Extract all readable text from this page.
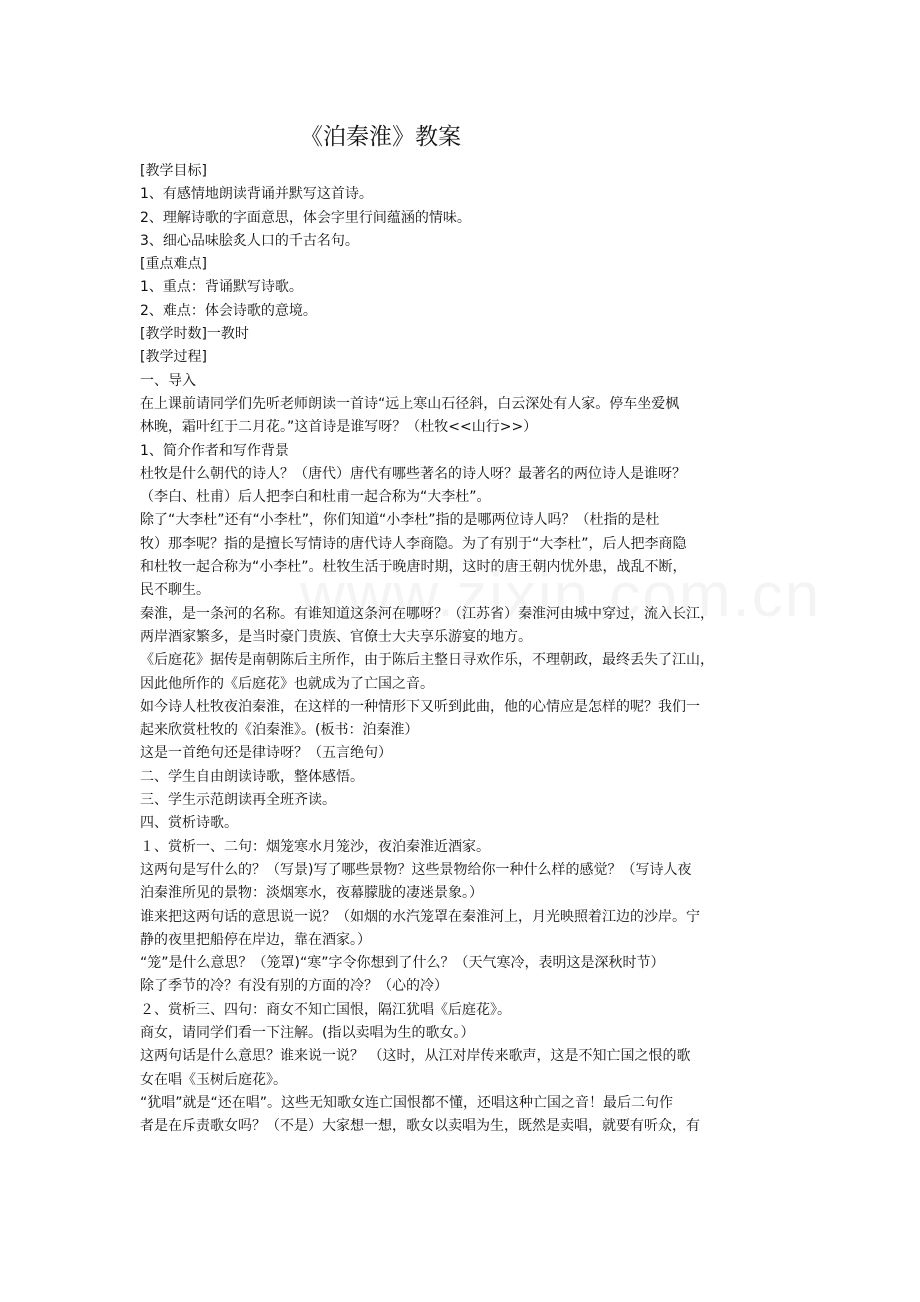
《泊秦淮》教案
[教学目标]
1、有感情地朗读背诵并默写这首诗。
2、理解诗歌的字面意思，体会字里行间蕴涵的情味。
3、细心品味脍炙人口的千古名句。
[重点难点]
1、重点：背诵默写诗歌。
2、难点：体会诗歌的意境。
[教学时数]一教时
[教学过程]
一、导入
在上课前请同学们先听老师朗读一首诗“远上寒山石径斜，白云深处有人家。停车坐爱枫
林晚，霜叶红于二月花。”这首诗是谁写呀？（杜牧<<山行>>）
1、简介作者和写作背景
杜牧是什么朝代的诗人？（唐代）唐代有哪些著名的诗人呀？最著名的两位诗人是谁呀？
（李白、杜甫）后人把李白和杜甫一起合称为“大李杜”。
除了“大李杜”还有“小李杜”，你们知道“小李杜”指的是哪两位诗人吗？（杜指的是杜
牧）那李呢？指的是擅长写情诗的唐代诗人李商隐。为了有别于“大李杜”，后人把李商隐
和杜牧一起合称为“小李杜”。杜牧生活于晚唐时期，这时的唐王朝内忧外患，战乱不断，
民不聊生。
秦淮，是一条河的名称。有谁知道这条河在哪呀？（江苏省）秦淮河由城中穿过，流入长江，
两岸酒家繁多，是当时豪门贵族、官僚士大夫享乐游宴的地方。
《后庭花》据传是南朝陈后主所作，由于陈后主整日寻欢作乐，不理朝政，最终丢失了江山，
因此他所作的《后庭花》也就成为了亡国之音。
如今诗人杜牧夜泊秦淮，在这样的一种情形下又听到此曲，他的心情应是怎样的呢？我们一
起来欣赏杜牧的《泊秦淮》。(板书：泊秦淮）
这是一首绝句还是律诗呀？（五言绝句）
二、学生自由朗读诗歌，整体感悟。
三、学生示范朗读再全班齐读。
四、赏析诗歌。
１、赏析一、二句：烟笼寒水月笼沙，夜泊秦淮近酒家。
这两句是写什么的？（写景)写了哪些景物？这些景物给你一种什么样的感觉？（写诗人夜
泊秦淮所见的景物：淡烟寒水，夜幕朦胧的凄迷景象。）
谁来把这两句话的意思说一说？（如烟的水汽笼罩在秦淮河上，月光映照着江边的沙岸。宁
静的夜里把船停在岸边，靠在酒家。）
“笼”是什么意思？（笼罩)“寒”字令你想到了什么？（天气寒冷，表明这是深秋时节）
除了季节的冷？有没有别的方面的冷？（心的冷）
２、赏析三、四句：商女不知亡国恨，隔江犹唱《后庭花》。
商女，请同学们看一下注解。(指以卖唱为生的歌女。）
这两句话是什么意思？谁来说一说？ （这时，从江对岸传来歌声，这是不知亡国之恨的歌
女在唱《玉树后庭花》。
“犹唱”就是“还在唱”。这些无知歌女连亡国恨都不懂，还唱这种亡国之音！最后二句作
者是在斥责歌女吗？（不是）大家想一想，歌女以卖唱为生，既然是卖唱，就要有听众，有
